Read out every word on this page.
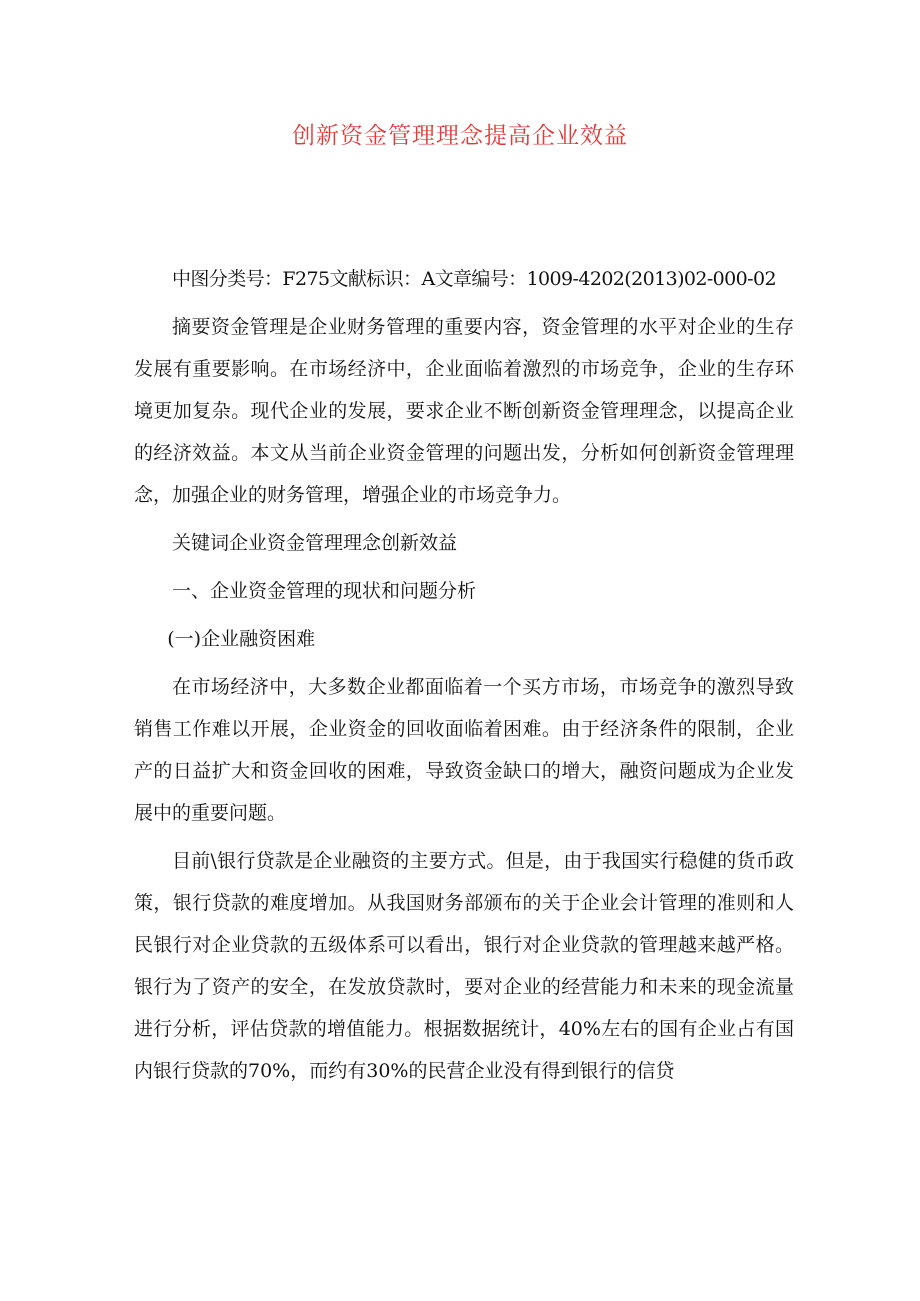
创新资金管理理念提高企业效益

中图分类号：F275文献标识：A文章编号：1009-4202(2013)02-000-02

摘要资金管理是企业财务管理的重要内容，资金管理的水平对企业的生存发展有重要影响。在市场经济中，企业面临着激烈的市场竞争，企业的生存环境更加复杂。现代企业的发展，要求企业不断创新资金管理理念，以提高企业的经济效益。本文从当前企业资金管理的问题出发，分析如何创新资金管理理念，加强企业的财务管理，增强企业的市场竞争力。

关键词企业资金管理理念创新效益

一、企业资金管理的现状和问题分析

(一)企业融资困难

在市场经济中，大多数企业都面临着一个买方市场，市场竞争的激烈导致销售工作难以开展，企业资金的回收面临着困难。由于经济条件的限制，企业产的日益扩大和资金回收的困难，导致资金缺口的增大，融资问题成为企业发展中的重要问题。

目前\银行贷款是企业融资的主要方式。但是，由于我国实行稳健的货币政策，银行贷款的难度增加。从我国财务部颁布的关于企业会计管理的准则和人民银行对企业贷款的五级体系可以看出，银行对企业贷款的管理越来越严格。银行为了资产的安全，在发放贷款时，要对企业的经营能力和未来的现金流量进行分析，评估贷款的增值能力。根据数据统计，40%左右的国有企业占有国内银行贷款的70%，而约有30%的民营企业没有得到银行的信贷
